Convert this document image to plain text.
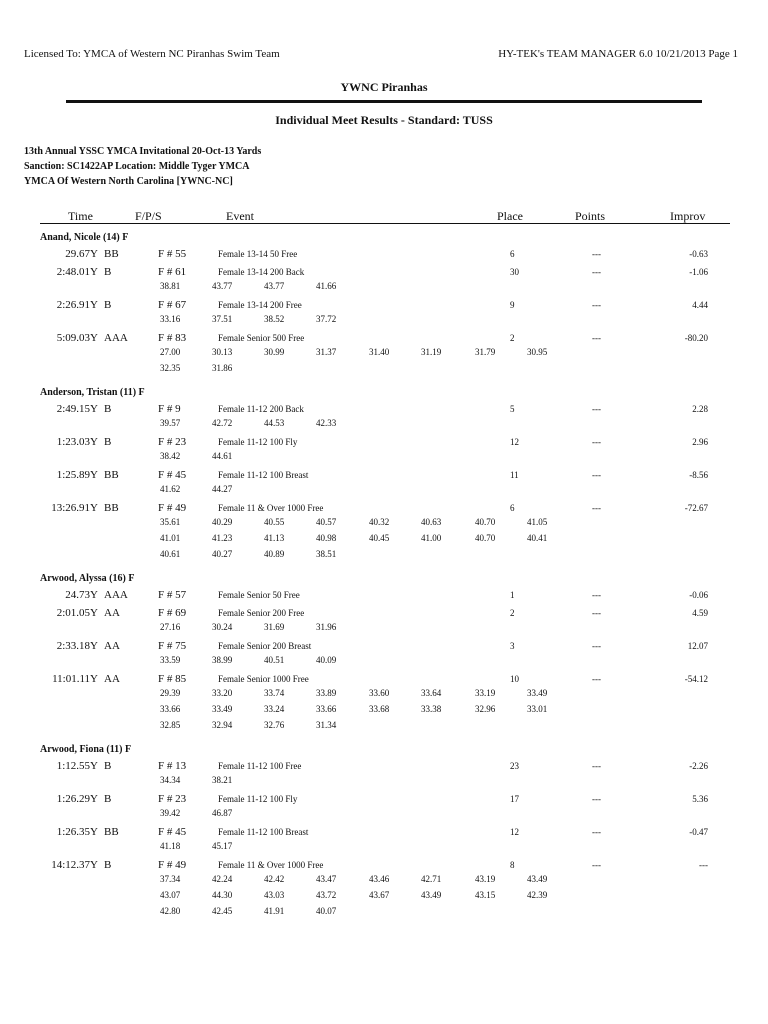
Licensed To: YMCA of Western NC Piranhas Swim Team	HY-TEK's TEAM MANAGER 6.0 10/21/2013 Page 1
YWNC Piranhas
Individual Meet Results - Standard: TUSS
13th Annual YSSC YMCA Invitational 20-Oct-13 Yards
Sanction: SC1422AP Location: Middle Tyger YMCA
YMCA Of Western North Carolina [YWNC-NC]
Time	F/P/S	Event	Place	Points	Improv
Anand, Nicole (14) F
29.67Y BB	F # 55	Female 13-14 50 Free	6	---	-0.63
2:48.01Y B	F # 61	Female 13-14 200 Back	30	---	-1.06
38.81	43.77	43.77	41.66
2:26.91Y B	F # 67	Female 13-14 200 Free	9	---	4.44
33.16	37.51	38.52	37.72
5:09.03Y AAA	F # 83	Female Senior 500 Free	2	---	-80.20
27.00	30.13	30.99	31.37	31.40	31.19	31.79	30.95
32.35	31.86
Anderson, Tristan (11) F
2:49.15Y B	F # 9	Female 11-12 200 Back	5	---	2.28
39.57	42.72	44.53	42.33
1:23.03Y B	F # 23	Female 11-12 100 Fly	12	---	2.96
38.42	44.61
1:25.89Y BB	F # 45	Female 11-12 100 Breast	11	---	-8.56
41.62	44.27
13:26.91Y BB	F # 49	Female 11 & Over 1000 Free	6	---	-72.67
35.61	40.29	40.55	40.57	40.32	40.63	40.70	41.05
41.01	41.23	41.13	40.98	40.45	41.00	40.70	40.41
40.61	40.27	40.89	38.51
Arwood, Alyssa (16) F
24.73Y AAA	F # 57	Female Senior 50 Free	1	---	-0.06
2:01.05Y AA	F # 69	Female Senior 200 Free	2	---	4.59
27.16	30.24	31.69	31.96
2:33.18Y AA	F # 75	Female Senior 200 Breast	3	---	12.07
33.59	38.99	40.51	40.09
11:01.11Y AA	F # 85	Female Senior 1000 Free	10	---	-54.12
29.39	33.20	33.74	33.89	33.60	33.64	33.19	33.49
33.66	33.49	33.24	33.66	33.68	33.38	32.96	33.01
32.85	32.94	32.76	31.34
Arwood, Fiona (11) F
1:12.55Y B	F # 13	Female 11-12 100 Free	23	---	-2.26
34.34	38.21
1:26.29Y B	F # 23	Female 11-12 100 Fly	17	---	5.36
39.42	46.87
1:26.35Y BB	F # 45	Female 11-12 100 Breast	12	---	-0.47
41.18	45.17
14:12.37Y B	F # 49	Female 11 & Over 1000 Free	8	---	---
37.34	42.24	42.42	43.47	43.46	42.71	43.19	43.49
43.07	44.30	43.03	43.72	43.67	43.49	43.15	42.39
42.80	42.45	41.91	40.07
